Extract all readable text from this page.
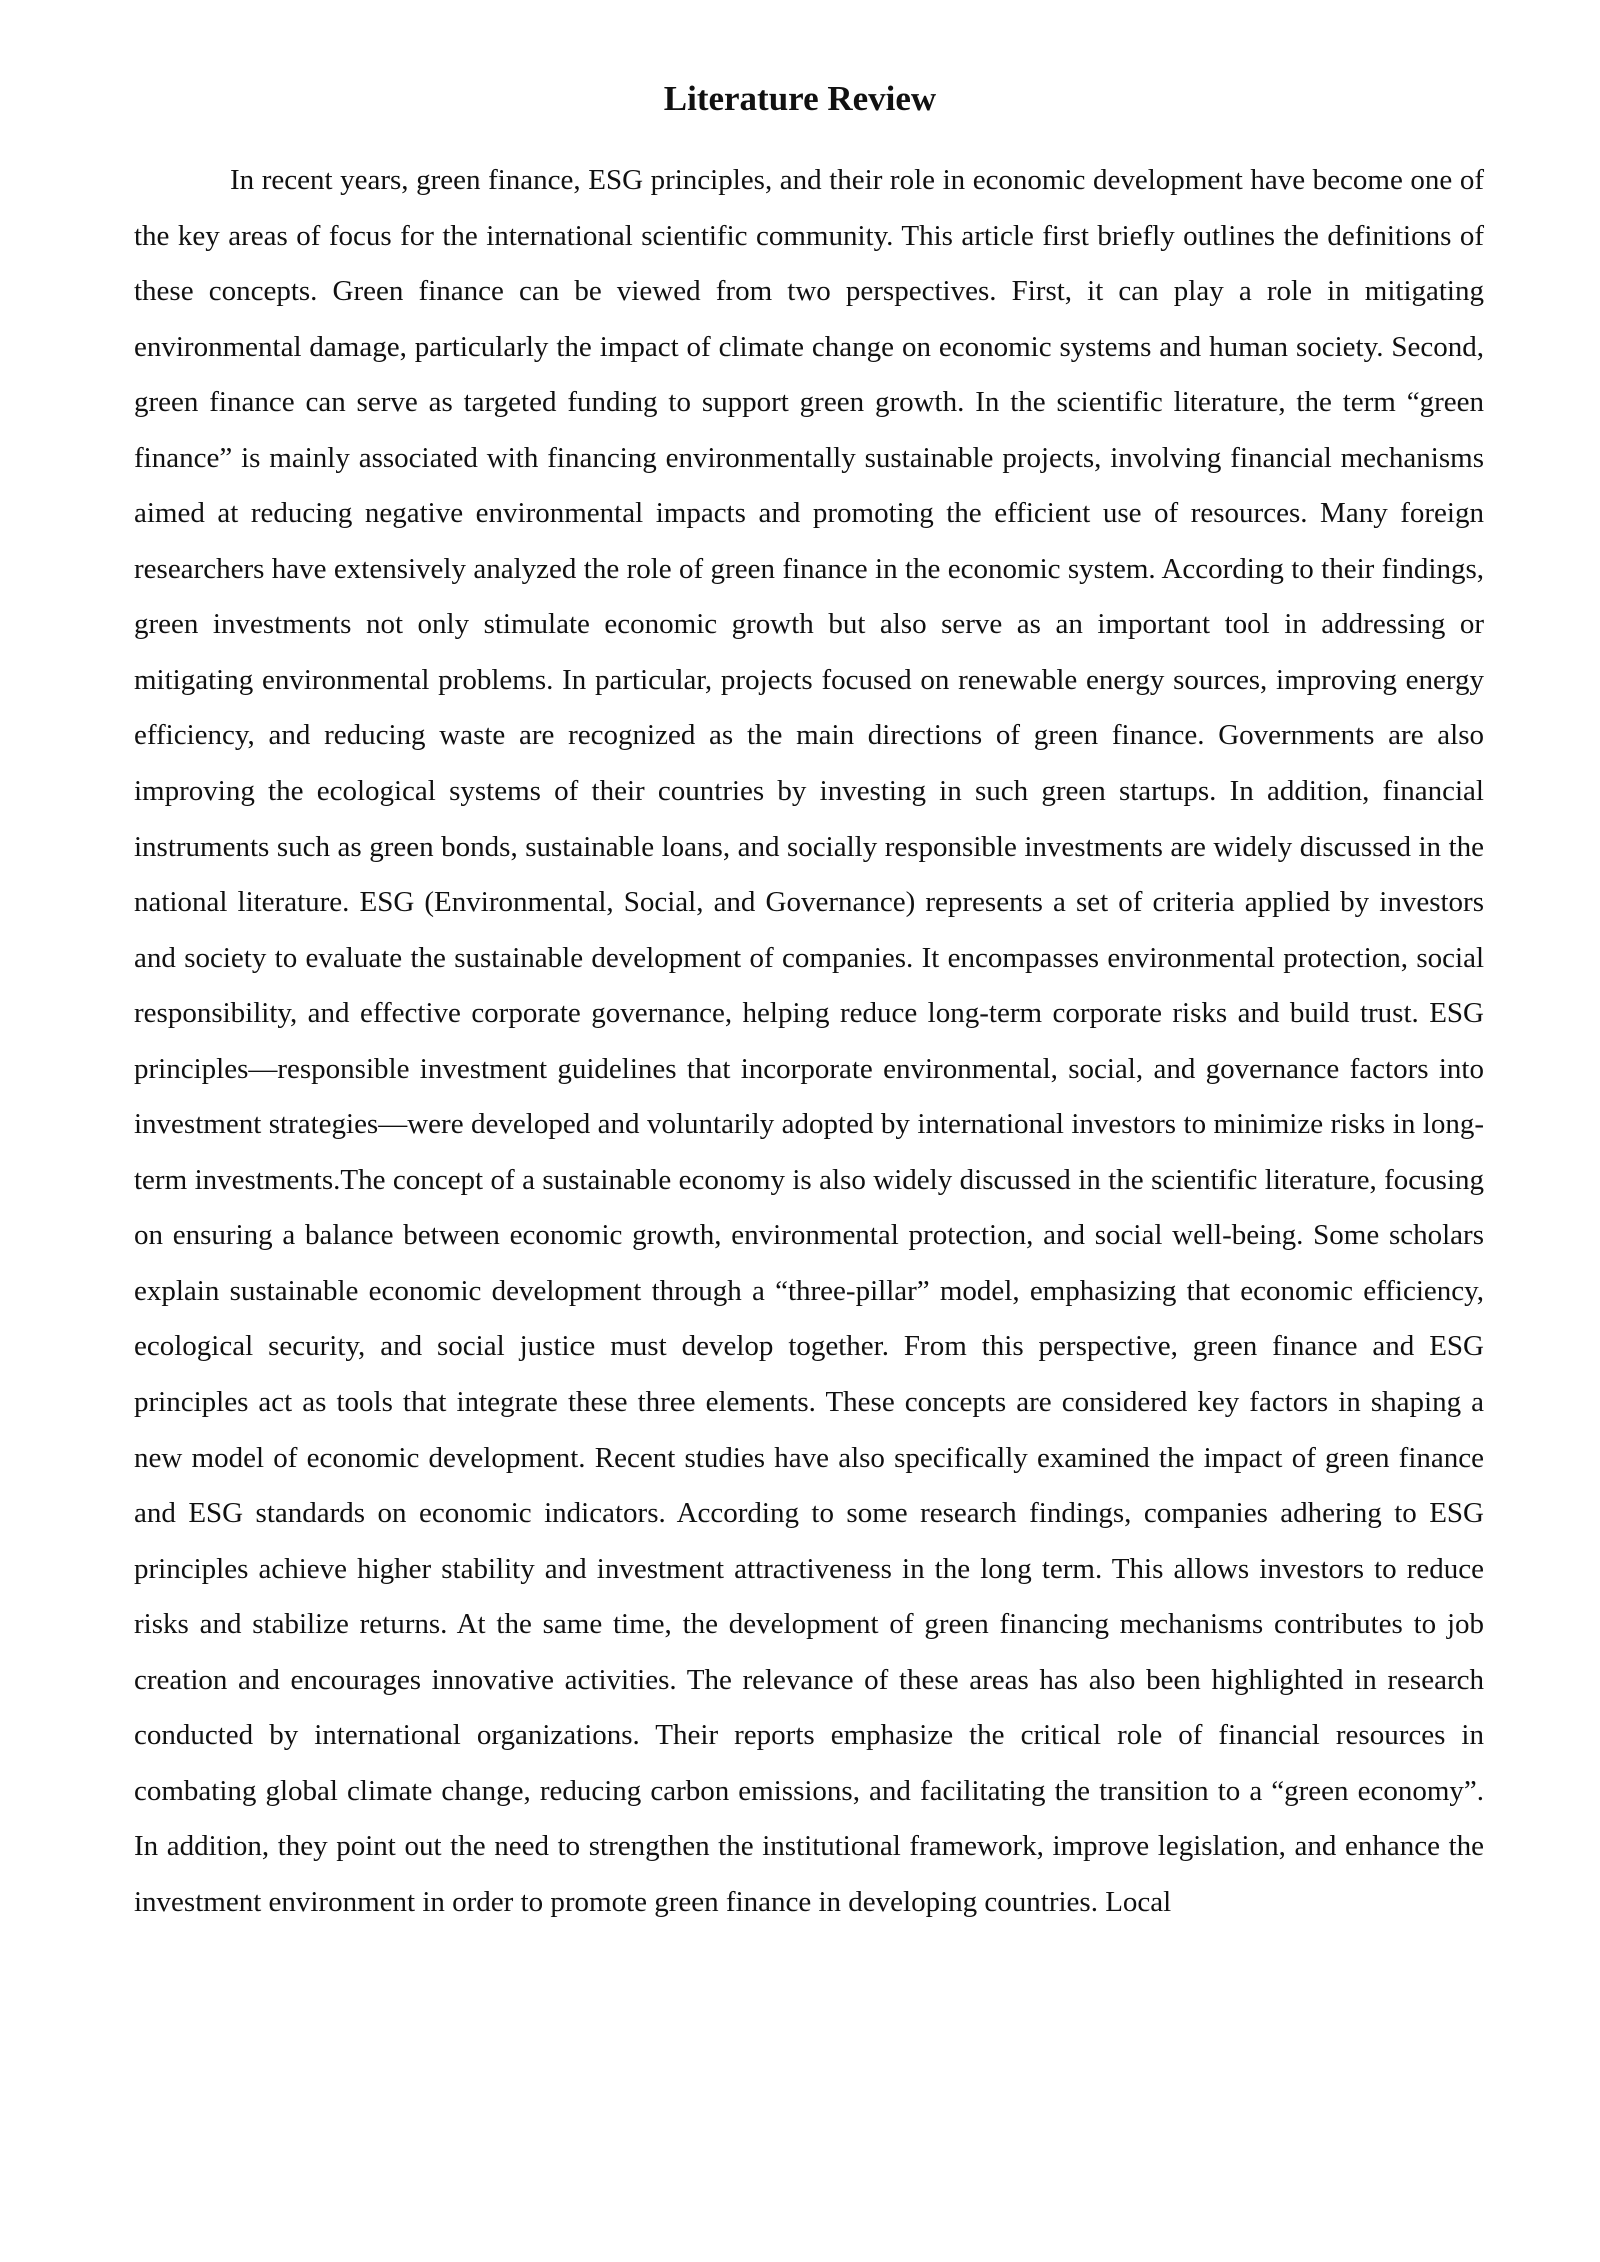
Literature Review

In recent years, green finance, ESG principles, and their role in economic development have become one of the key areas of focus for the international scientific community. This article first briefly outlines the definitions of these concepts. Green finance can be viewed from two perspectives. First, it can play a role in mitigating environmental damage, particularly the impact of climate change on economic systems and human society. Second, green finance can serve as targeted funding to support green growth. In the scientific literature, the term “green finance” is mainly associated with financing environmentally sustainable projects, involving financial mechanisms aimed at reducing negative environmental impacts and promoting the efficient use of resources. Many foreign researchers have extensively analyzed the role of green finance in the economic system. According to their findings, green investments not only stimulate economic growth but also serve as an important tool in addressing or mitigating environmental problems. In particular, projects focused on renewable energy sources, improving energy efficiency, and reducing waste are recognized as the main directions of green finance. Governments are also improving the ecological systems of their countries by investing in such green startups. In addition, financial instruments such as green bonds, sustainable loans, and socially responsible investments are widely discussed in the national literature. ESG (Environmental, Social, and Governance) represents a set of criteria applied by investors and society to evaluate the sustainable development of companies. It encompasses environmental protection, social responsibility, and effective corporate governance, helping reduce long-term corporate risks and build trust. ESG principles—responsible investment guidelines that incorporate environmental, social, and governance factors into investment strategies—were developed and voluntarily adopted by international investors to minimize risks in long-term investments.The concept of a sustainable economy is also widely discussed in the scientific literature, focusing on ensuring a balance between economic growth, environmental protection, and social well-being. Some scholars explain sustainable economic development through a “three-pillar” model, emphasizing that economic efficiency, ecological security, and social justice must develop together. From this perspective, green finance and ESG principles act as tools that integrate these three elements. These concepts are considered key factors in shaping a new model of economic development. Recent studies have also specifically examined the impact of green finance and ESG standards on economic indicators. According to some research findings, companies adhering to ESG principles achieve higher stability and investment attractiveness in the long term. This allows investors to reduce risks and stabilize returns. At the same time, the development of green financing mechanisms contributes to job creation and encourages innovative activities. The relevance of these areas has also been highlighted in research conducted by international organizations. Their reports emphasize the critical role of financial resources in combating global climate change, reducing carbon emissions, and facilitating the transition to a “green economy”. In addition, they point out the need to strengthen the institutional framework, improve legislation, and enhance the investment environment in order to promote green finance in developing countries. Local
